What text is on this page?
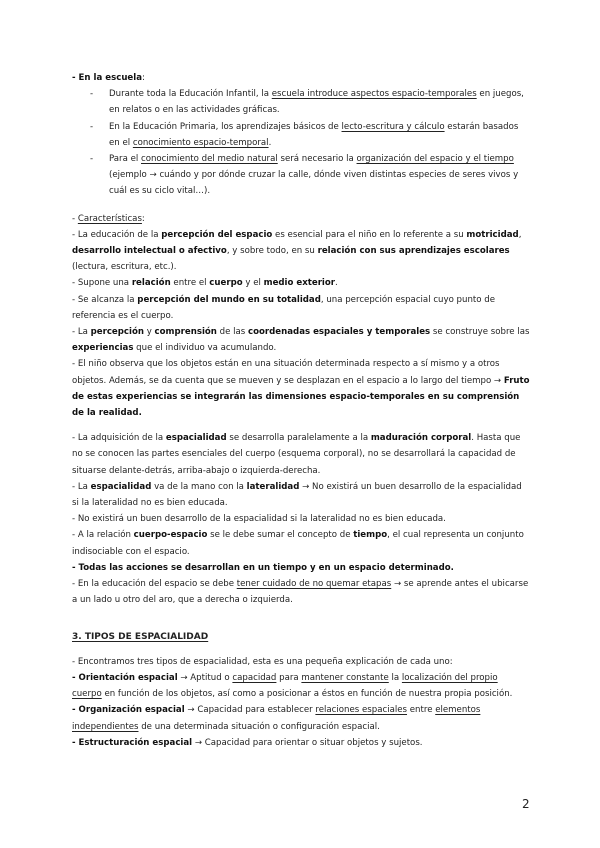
- En la escuela:

- Durante toda la Educación Infantil, la escuela introduce aspectos espacio-temporales en juegos, en relatos o en las actividades gráficas.

- En la Educación Primaria, los aprendizajes básicos de lecto-escritura y cálculo estarán basados en el conocimiento espacio-temporal.

- Para el conocimiento del medio natural será necesario la organización del espacio y el tiempo (ejemplo → cuándo y por dónde cruzar la calle, dónde viven distintas especies de seres vivos y cuál es su ciclo vital…).

- Características:

- La educación de la percepción del espacio es esencial para el niño en lo referente a su motricidad, desarrollo intelectual o afectivo, y sobre todo, en su relación con sus aprendizajes escolares (lectura, escritura, etc.).

- Supone una relación entre el cuerpo y el medio exterior.

- Se alcanza la percepción del mundo en su totalidad, una percepción espacial cuyo punto de referencia es el cuerpo.

- La percepción y comprensión de las coordenadas espaciales y temporales se construye sobre las experiencias que el individuo va acumulando.

- El niño observa que los objetos están en una situación determinada respecto a sí mismo y a otros objetos. Además, se da cuenta que se mueven y se desplazan en el espacio a lo largo del tiempo → Fruto de estas experiencias se integrarán las dimensiones espacio-temporales en su comprensión de la realidad.

- La adquisición de la espacialidad se desarrolla paralelamente a la maduración corporal. Hasta que no se conocen las partes esenciales del cuerpo (esquema corporal), no se desarrollará la capacidad de situarse delante-detrás, arriba-abajo o izquierda-derecha.

- La espacialidad va de la mano con la lateralidad → No existirá un buen desarrollo de la espacialidad si la lateralidad no es bien educada.

- No existirá un buen desarrollo de la espacialidad si la lateralidad no es bien educada.

- A la relación cuerpo-espacio se le debe sumar el concepto de tiempo, el cual representa un conjunto indisociable con el espacio.

- Todas las acciones se desarrollan en un tiempo y en un espacio determinado.

- En la educación del espacio se debe tener cuidado de no quemar etapas → se aprende antes el ubicarse a un lado u otro del aro, que a derecha o izquierda.

3. TIPOS DE ESPACIALIDAD

- Encontramos tres tipos de espacialidad, esta es una pequeña explicación de cada uno:

- Orientación espacial → Aptitud o capacidad para mantener constante la localización del propio cuerpo en función de los objetos, así como a posicionar a éstos en función de nuestra propia posición.

- Organización espacial → Capacidad para establecer relaciones espaciales entre elementos independientes de una determinada situación o configuración espacial.

- Estructuración espacial → Capacidad para orientar o situar objetos y sujetos.

2
